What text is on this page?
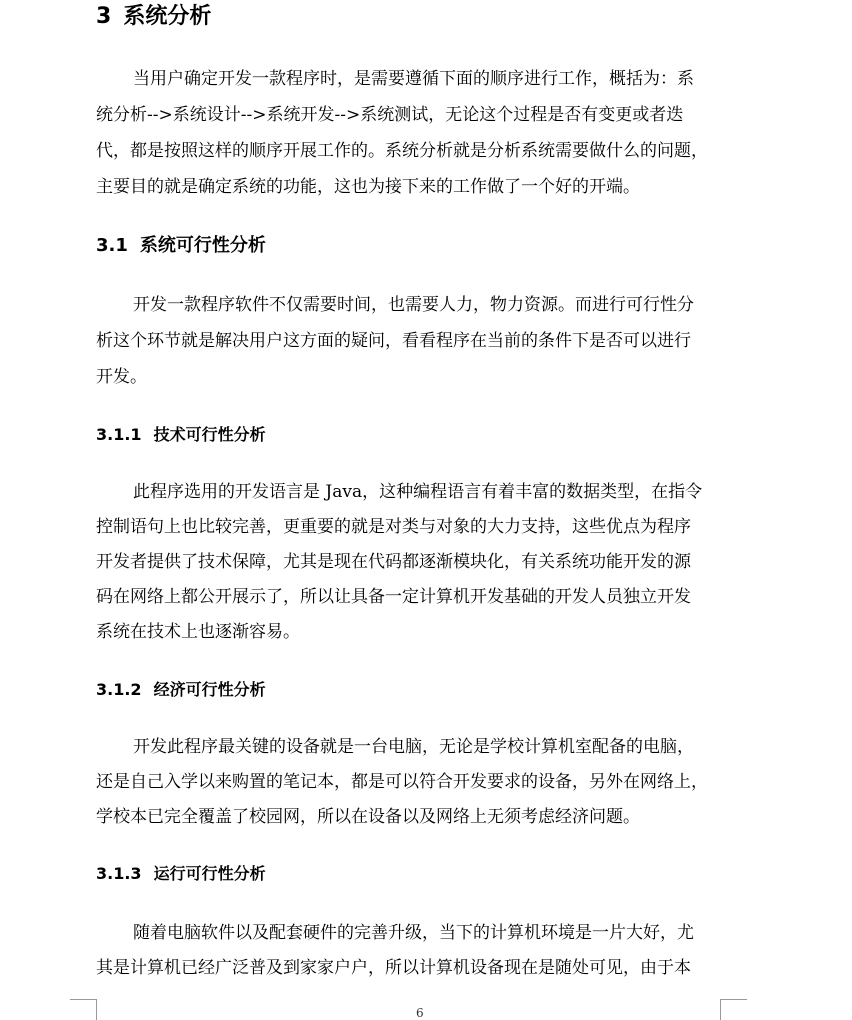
3 系统分析
当用户确定开发一款程序时，是需要遵循下面的顺序进行工作，概括为：系
统分析-->系统设计-->系统开发-->系统测试，无论这个过程是否有变更或者迭
代，都是按照这样的顺序开展工作的。系统分析就是分析系统需要做什么的问题，
主要目的就是确定系统的功能，这也为接下来的工作做了一个好的开端。
3.1 系统可行性分析
开发一款程序软件不仅需要时间，也需要人力，物力资源。而进行可行性分
析这个环节就是解决用户这方面的疑问，看看程序在当前的条件下是否可以进行
开发。
3.1.1 技术可行性分析
此程序选用的开发语言是 Java，这种编程语言有着丰富的数据类型，在指令
控制语句上也比较完善，更重要的就是对类与对象的大力支持，这些优点为程序
开发者提供了技术保障，尤其是现在代码都逐渐模块化，有关系统功能开发的源
码在网络上都公开展示了，所以让具备一定计算机开发基础的开发人员独立开发
系统在技术上也逐渐容易。
3.1.2 经济可行性分析
开发此程序最关键的设备就是一台电脑，无论是学校计算机室配备的电脑，
还是自己入学以来购置的笔记本，都是可以符合开发要求的设备，另外在网络上，
学校本已完全覆盖了校园网，所以在设备以及网络上无须考虑经济问题。
3.1.3 运行可行性分析
随着电脑软件以及配套硬件的完善升级，当下的计算机环境是一片大好，尤
其是计算机已经广泛普及到家家户户，所以计算机设备现在是随处可见，由于本
6
